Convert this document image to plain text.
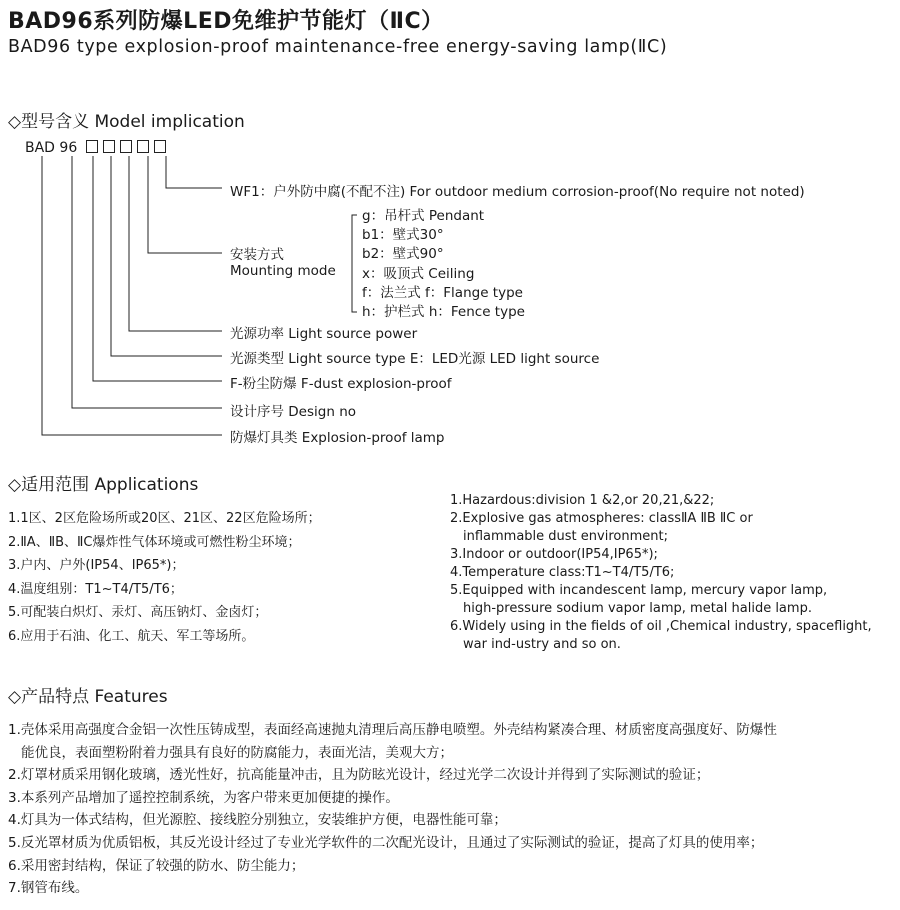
BAD96系列防爆LED免维护节能灯（ⅡC）
BAD96 type explosion-proof maintenance-free energy-saving lamp(ⅡC)
◇型号含义 Model implication
BAD 96
WF1：户外防中腐(不配不注) For outdoor medium corrosion-proof(No require not noted)
安装方式
Mounting mode
g：吊杆式 Pendant
b1：壁式30°
b2：壁式90°
x：吸顶式 Ceiling
f：法兰式 f：Flange type
h：护栏式 h：Fence type
光源功率 Light source power
光源类型 Light source type E：LED光源 LED light source
F-粉尘防爆 F-dust explosion-proof
设计序号 Design no
防爆灯具类 Explosion-proof lamp
◇适用范围 Applications
1.1区、2区危险场所或20区、21区、22区危险场所；
2.ⅡA、ⅡB、ⅡC爆炸性气体环境或可燃性粉尘环境；
3.户内、户外(IP54、IP65*)；
4.温度组别：T1~T4/T5/T6；
5.可配装白炽灯、汞灯、高压钠灯、金卤灯；
6.应用于石油、化工、航天、军工等场所。
1.Hazardous:division 1 &2,or 20,21,&22;
2.Explosive gas atmospheres: classⅡA ⅡB ⅡC or
inflammable dust environment;
3.Indoor or outdoor(IP54,IP65*);
4.Temperature class:T1~T4/T5/T6;
5.Equipped with incandescent lamp, mercury vapor lamp,
high-pressure sodium vapor lamp, metal halide lamp.
6.Widely using in the fields of oil ,Chemical industry, spaceflight,
war ind-ustry and so on.
◇产品特点 Features
1.壳体采用高强度合金铝一次性压铸成型，表面经高速抛丸清理后高压静电喷塑。外壳结构紧凑合理、材质密度高强度好、防爆性
能优良，表面塑粉附着力强具有良好的防腐能力，表面光洁，美观大方；
2.灯罩材质采用钢化玻璃，透光性好，抗高能量冲击，且为防眩光设计，经过光学二次设计并得到了实际测试的验证；
3.本系列产品增加了遥控控制系统，为客户带来更加便捷的操作。
4.灯具为一体式结构，但光源腔、接线腔分别独立，安装维护方便，电器性能可靠；
5.反光罩材质为优质铝板，其反光设计经过了专业光学软件的二次配光设计，且通过了实际测试的验证，提高了灯具的使用率；
6.采用密封结构，保证了较强的防水、防尘能力；
7.钢管布线。
